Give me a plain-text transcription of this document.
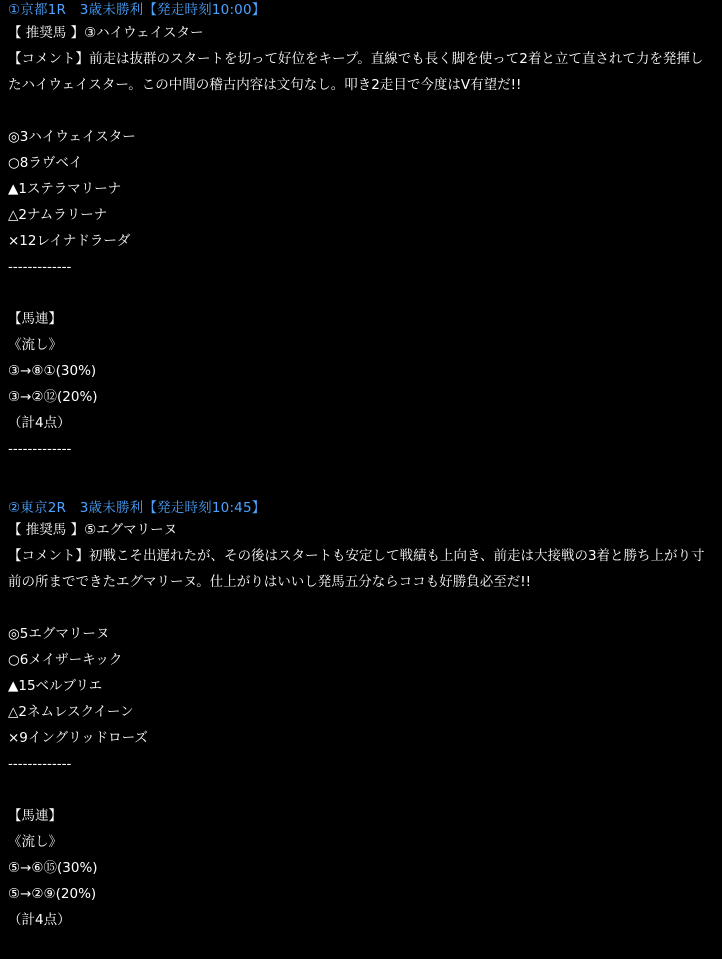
①京都1R　3歳未勝利【発走時刻10:00】
【 推奨馬 】③ハイウェイスター
【コメント】前走は抜群のスタートを切って好位をキープ。直線でも長く脚を使って2着と立て直されて力を発揮したハイウェイスター。この中間の稽古内容は文句なし。叩き2走目で今度はV有望だ!!
◎3ハイウェイスター
○8ラヴベイ
▲1ステラマリーナ
△2ナムラリーナ
×12レイナドラーダ
-------------
【馬連】
《流し》
③→⑧①(30%)
③→②⑫(20%)
（計4点）
-------------
②東京2R　3歳未勝利【発走時刻10:45】
【 推奨馬 】⑤エグマリーヌ
【コメント】初戦こそ出遅れたが、その後はスタートも安定して戦績も上向き、前走は大接戦の3着と勝ち上がり寸前の所までできたエグマリーヌ。仕上がりはいいし発馬五分ならココも好勝負必至だ!!
◎5エグマリーヌ
○6メイザーキック
▲15ベルブリエ
△2ネムレスクイーン
×9イングリッドローズ
-------------
【馬連】
《流し》
⑤→⑥⑮(30%)
⑤→②⑨(20%)
（計4点）
